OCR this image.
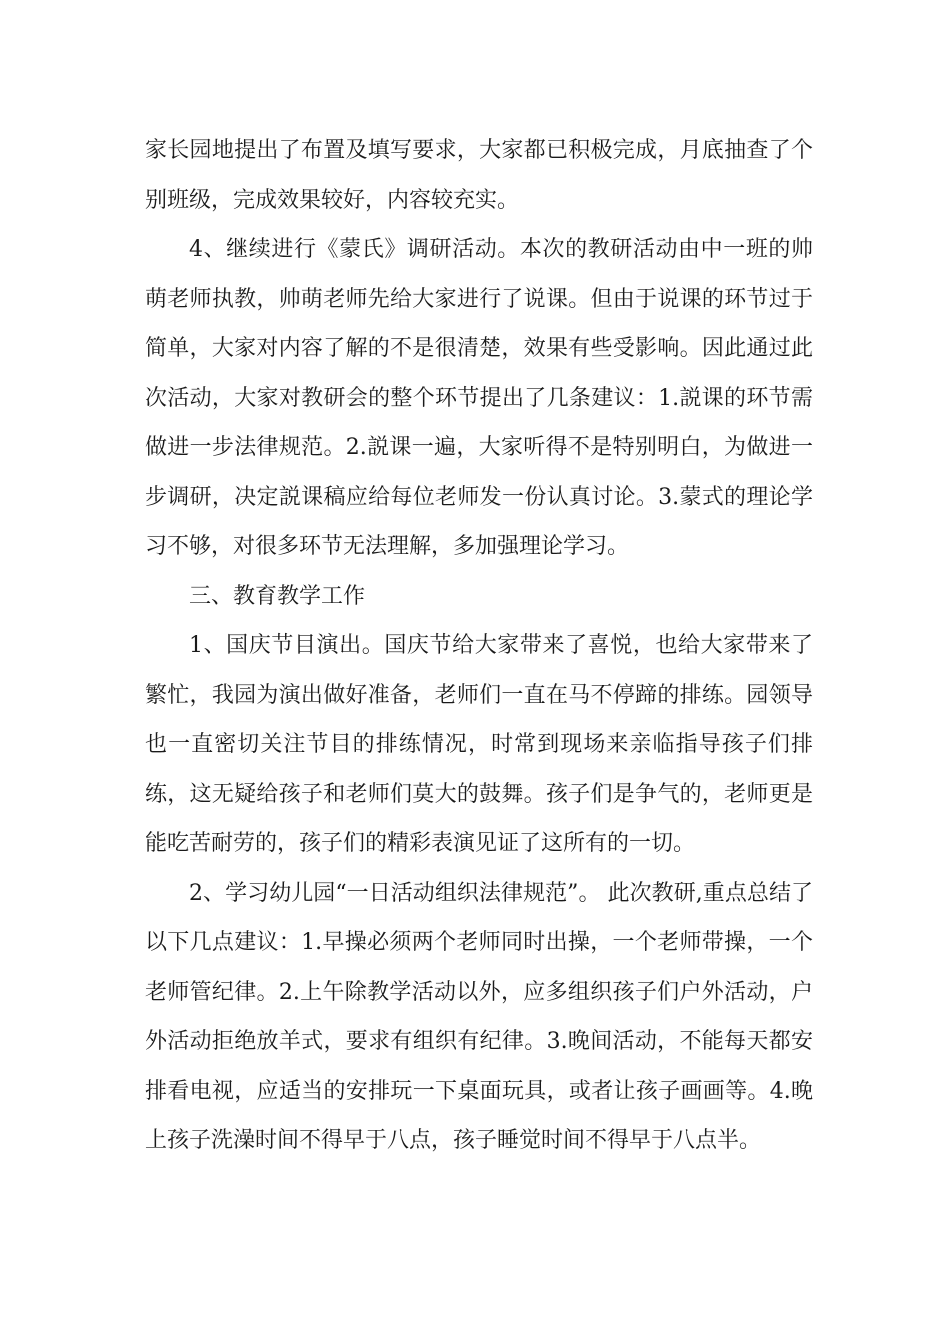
家长园地提出了布置及填写要求，大家都已积极完成，月底抽查了个别班级，完成效果较好，内容较充实。

4、继续进行《蒙氏》调研活动。本次的教研活动由中一班的帅萌老师执教，帅萌老师先给大家进行了说课。但由于说课的环节过于简单，大家对内容了解的不是很清楚，效果有些受影响。因此通过此次活动，大家对教研会的整个环节提出了几条建议：1.説课的环节需做进一步法律规范。2.説课一遍，大家听得不是特别明白，为做进一步调研，决定説课稿应给每位老师发一份认真讨论。3.蒙式的理论学习不够，对很多环节无法理解，多加强理论学习。

三、教育教学工作

1、国庆节目演出。国庆节给大家带来了喜悦，也给大家带来了繁忙，我园为演出做好准备，老师们一直在马不停蹄的排练。园领导也一直密切关注节目的排练情况，时常到现场来亲临指导孩子们排练，这无疑给孩子和老师们莫大的鼓舞。孩子们是争气的，老师更是能吃苦耐劳的，孩子们的精彩表演见证了这所有的一切。

2、学习幼儿园“一日活动组织法律规范”。 此次教研,重点总结了以下几点建议：1.早操必须两个老师同时出操，一个老师带操，一个老师管纪律。2.上午除教学活动以外，应多组织孩子们户外活动，户外活动拒绝放羊式，要求有组织有纪律。3.晚间活动，不能每天都安排看电视，应适当的安排玩一下桌面玩具，或者让孩子画画等。4.晚上孩子洗澡时间不得早于八点，孩子睡觉时间不得早于八点半。
